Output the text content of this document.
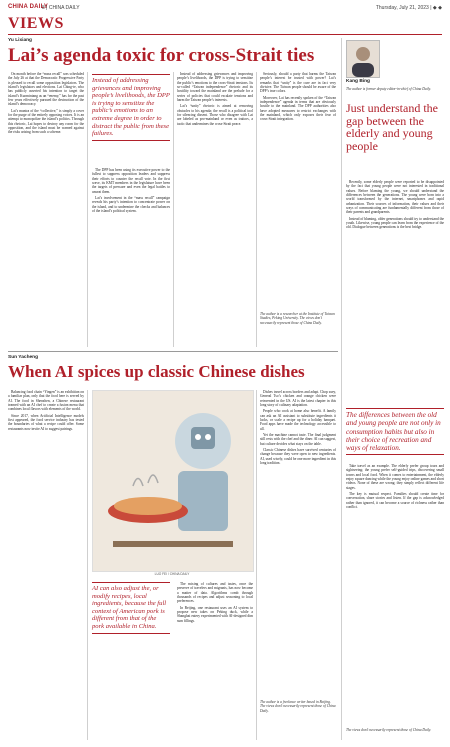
CHINA DAILY
8 | CHINA DAILY	Thursday, July 21, 2023 | ◆ ◆
VIEWS
Yu Lixiang
Lai’s agenda toxic for cross-Strait ties

On month before the “mass recall” was scheduled the July 26 at that the Democratic Progressive Party is pleased to recall some opposition legislators. The island’s legislators and elections. Lai Ching-te, who has publicly asserted his intention to target the island’s Kuomintang as an “enemy,” has for the past few years effectively pursued the destruction of the island’s democracy.

Lai’s mantra of the “collective,” is simply a cover for the purge of the entirely opposing voices. It is an attempt to monopolize the island’s politics. Through this rhetoric, Lai hopes to destroy any room for the opposition, and the island must be warned against the risks arising from such a scheme.

Instead of addressing grievances and improving people’s livelihoods, the DPP is trying to sensitize the public’s emotions to an extreme degree in order to distract the public from these failures.

The DPP has been using its executive power to the fullest to suppress opposition leaders and suppress their efforts to counter the recall vote. In the first wave, its KMT members in the legislature have been the targets of pressure and even the legal battles to unseat them.

Lai’s involvement in the “mass recall” campaign reveals his party’s intention to concentrate power on the island, and to undermine the checks and balances of the island’s political system.

Instead of addressing grievances and improving people’s livelihoods, the DPP is trying to sensitize the public’s emotions to the cross-Strait tensions. Its so-called “Taiwan independence” rhetoric and its hostility toward the mainland are the prelude for a series of policies that could escalate tensions and harm the Taiwan people’s interests.

Lai’s “unity” rhetoric is aimed at removing obstacles to his agenda; the recall is a political tool for silencing dissent. Those who disagree with Lai are labeled as pro-mainland or even as traitors, a tactic that undermines the cross-Strait peace.

Seriously, should a party that harms the Taiwan people’s interest be trusted with power? Lai’s remarks that “unity” is the cure are in fact very divisive. The Taiwan people should be aware of the DPP’s true colors.

Moreover, Lai has recently spoken of the “Taiwan independence” agenda in terms that are obviously hostile to the mainland. The DPP authorities also have adopted measures to restrict exchanges with the mainland, which only exposes their fear of cross-Strait integration.

The author is a researcher at the Institute of Taiwan Studies, Peking University. The views don’t necessarily represent those of China Daily.
Sun Yacheng
When AI spices up classic Chinese dishes

Balancing food chain “Yingen” is an exhibition on a familiar plan, only that the food here is served by AI. The food in Shenzhen, a Chinese restaurant teamed with an AI chef to create a fusion menu that combines local flavors with elements of the world.

Since 2017, when Artificial Intelligence models first appeared, the food service industry has tested the boundaries of what a recipe could offer. Some restaurants now invite AI to suggest pairings.

LUO FEI / CHINA DAILY
AI can also adjust the, or modify recipes, local ingredients, because the full context of American pork is different from that of the pork available in China.

The mixing of cultures and tastes, once the preserve of travelers and migrants, has now become a matter of data. Algorithms comb through thousands of recipes and adjust seasoning to local preferences.

In Beijing, one restaurant uses an AI system to propose new takes on Peking duck, while a Shanghai eatery experimented with AI-designed dim sum fillings.

Dishes travel across borders and adapt. Chop suey, General Tso’s chicken and orange chicken were reinvented in the US. AI is the latest chapter in this long story of culinary adaptation.

People who cook at home also benefit. A family can ask an AI assistant to substitute ingredients it lacks, or scale a recipe up for a holiday banquet. Food apps have made the technology accessible to all.

Yet the machine cannot taste. The final judgment still rests with the chef and the diner. AI can suggest, but culture decides what stays on the table.

Classic Chinese dishes have survived centuries of change because they were open to new ingredients. AI, used wisely, could be one more ingredient in this long tradition.

The author is a freelance writer based in Beijing. The views don’t necessarily represent those of China Daily.
Kang Bing
The author is former deputy editor-in-chief of China Daily.
Just understand the gap between the elderly and young people

Recently, some elderly people were reported to be disappointed by the fact that young people were not interested in traditional values. Before blaming the young, we should understand the differences between the generations. The young were born into a world transformed by the internet, smartphones and rapid urbanization. Their sources of information, their values and their ways of communicating are fundamentally different from those of their parents and grandparents.

Instead of blaming, older generations should try to understand the youth. Likewise, young people can learn from the experience of the old. Dialogue between generations is the best bridge.

The differences between the old and young people are not only in consumption habits but also in their choice of recreation and ways of relaxation.

Take travel as an example. The elderly prefer group tours and sightseeing; the young prefer self-guided trips, discovering small towns and local food. When it comes to entertainment, the elderly enjoy square dancing while the young enjoy online games and short videos. None of these are wrong; they simply reflect different life stages.

The key is mutual respect. Families should create time for conversation, share stories and listen. If the gap is acknowledged rather than ignored, it can become a source of richness rather than conflict.

The views don’t necessarily represent those of China Daily.
